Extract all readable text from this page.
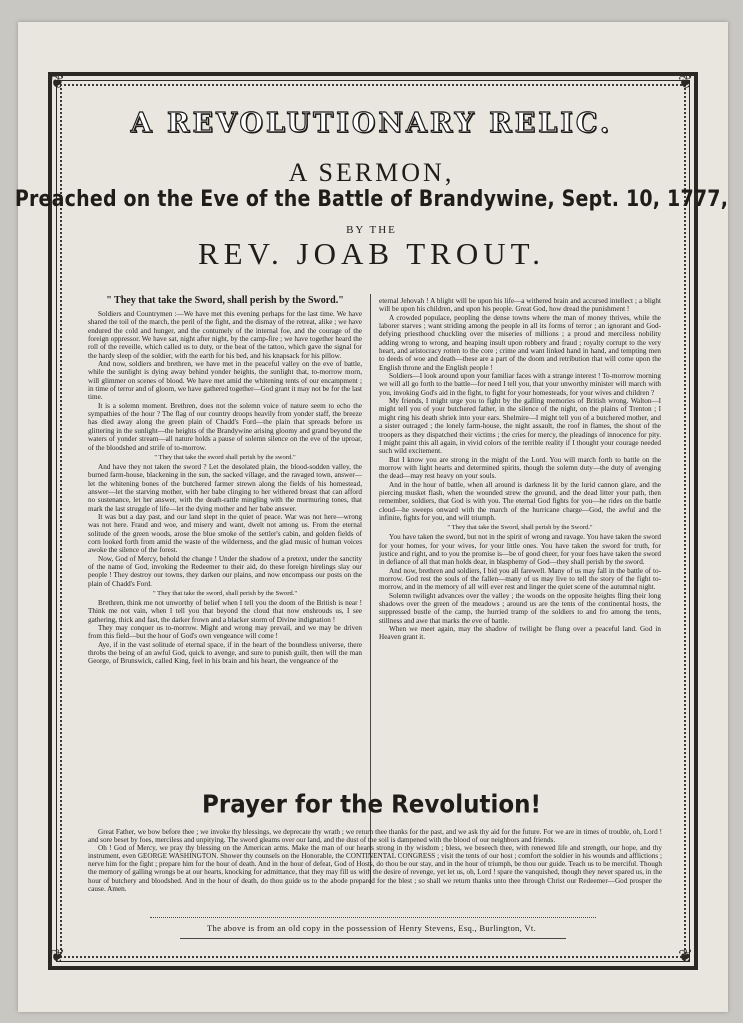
❦	❦
❦	❦
A REVOLUTIONARY RELIC.
A SERMON,
Preached on the Eve of the Battle of Brandywine, Sept. 10, 1777,
BY THE
REV. JOAB TROUT.

" They that take the Sword, shall perish by the Sword."

Soldiers and Countrymen :—We have met this evening perhaps for the last time. We have shared the toil of the march, the peril of the fight, and the dismay of the retreat, alike ; we have endured the cold and hunger, and the contumely of the internal foe, and the courage of the foreign oppressor. We have sat, night after night, by the camp-fire ; we have together heard the roll of the reveille, which called us to duty, or the beat of the tattoo, which gave the signal for the hardy sleep of the soldier, with the earth for his bed, and his knapsack for his pillow.

And now, soldiers and brethren, we have met in the peaceful valley on the eve of battle, while the sunlight is dying away behind yonder heights, the sunlight that, to-morrow morn, will glimmer on scenes of blood. We have met amid the whitening tents of our encampment ; in time of terror and of gloom, we have gathered together—God grant it may not be for the last time.

It is a solemn moment. Brethren, does not the solemn voice of nature seem to echo the sympathies of the hour ? The flag of our country droops heavily from yonder staff, the breeze has died away along the green plain of Chadd's Ford—the plain that spreads before us glittering in the sunlight—the heights of the Brandywine arising gloomy and grand beyond the waters of yonder stream—all nature holds a pause of solemn silence on the eve of the uproar, of the bloodshed and strife of to-morrow.

" They that take the sword shall perish by the sword."

And have they not taken the sword ? Let the desolated plain, the blood-sodden valley, the burned farm-house, blackening in the sun, the sacked village, and the ravaged town, answer—let the whitening bones of the butchered farmer strewn along the fields of his homestead, answer—let the starving mother, with her babe clinging to her withered breast that can afford no sustenance, let her answer, with the death-rattle mingling with the murmuring tones, that mark the last struggle of life—let the dying mother and her babe answer.

It was but a day past, and our land slept in the quiet of peace. War was not here—wrong was not here. Fraud and woe, and misery and want, dwelt not among us. From the eternal solitude of the green woods, arose the blue smoke of the settler's cabin, and golden fields of corn looked forth from amid the waste of the wilderness, and the glad music of human voices awoke the silence of the forest.

Now, God of Mercy, behold the change ! Under the shadow of a pretext, under the sanctity of the name of God, invoking the Redeemer to their aid, do these foreign hirelings slay our people ! They destroy our towns, they darken our plains, and now encompass our posts on the plain of Chadd's Ford.

" They that take the sword, shall perish by the Sword."

Brethren, think me not unworthy of belief when I tell you the doom of the British is near ! Think me not vain, when I tell you that beyond the cloud that now enshrouds us, I see gathering, thick and fast, the darker frown and a blacker storm of Divine indignation !

They may conquer us to-morrow. Might and wrong may prevail, and we may be driven from this field—but the hour of God's own vengeance will come !

Aye, if in the vast solitude of eternal space, if in the heart of the boundless universe, there throbs the being of an awful God, quick to avenge, and sure to punish guilt, then will the man George, of Brunswick, called King, feel in his brain and his heart, the vengeance of the

eternal Jehovah ! A blight will be upon his life—a withered brain and accursed intellect ; a blight will be upon his children, and upon his people. Great God, how dread the punishment !

A crowded populace, peopling the dense towns where the man of money thrives, while the laborer starves ; want striding among the people in all its forms of terror ; an ignorant and God-defying priesthood chuckling over the miseries of millions ; a proud and merciless nobility adding wrong to wrong, and heaping insult upon robbery and fraud ; royalty corrupt to the very heart, and aristocracy rotten to the core ; crime and want linked hand in hand, and tempting men to deeds of woe and death—these are a part of the doom and retribution that will come upon the English throne and the English people !

Soldiers—I look around upon your familiar faces with a strange interest ! To-morrow morning we will all go forth to the battle—for need I tell you, that your unworthy minister will march with you, invoking God's aid in the fight, to fight for your homesteads, for your wives and children ?

My friends, I might urge you to fight by the galling memories of British wrong. Walton—I might tell you of your butchered father, in the silence of the night, on the plains of Trenton ; I might ring his death shriek into your ears. Shelmire—I might tell you of a butchered mother, and a sister outraged ; the lonely farm-house, the night assault, the roof in flames, the shout of the troopers as they dispatched their victims ; the cries for mercy, the pleadings of innocence for pity. I might paint this all again, in vivid colors of the terrible reality if I thought your courage needed such wild excitement.

But I know you are strong in the might of the Lord. You will march forth to battle on the morrow with light hearts and determined spirits, though the solemn duty—the duty of avenging the dead—may rest heavy on your souls.

And in the hour of battle, when all around is darkness lit by the lurid cannon glare, and the piercing musket flash, when the wounded strew the ground, and the dead litter your path, then remember, soldiers, that God is with you. The eternal God fights for you—he rides on the battle cloud—he sweeps onward with the march of the hurricane charge—God, the awful and the infinite, fights for you, and will triumph.

" They that take the Sword, shall perish by the Sword."

You have taken the sword, but not in the spirit of wrong and ravage. You have taken the sword for your homes, for your wives, for your little ones. You have taken the sword for truth, for justice and right, and to you the promise is—be of good cheer, for your foes have taken the sword in defiance of all that man holds dear, in blasphemy of God—they shall perish by the sword.

And now, brethren and soldiers, I bid you all farewell. Many of us may fall in the battle of to-morrow. God rest the souls of the fallen—many of us may live to tell the story of the fight to-morrow, and in the memory of all will ever rest and linger the quiet scene of the autumnal night.

Solemn twilight advances over the valley ; the woods on the opposite heights fling their long shadows over the green of the meadows ; around us are the tents of the continental hosts, the suppressed bustle of the camp, the hurried tramp of the soldiers to and fro among the tents, stillness and awe that marks the eve of battle.

When we meet again, may the shadow of twilight be flung over a peaceful land. God in Heaven grant it.

Prayer for the Revolution!

Great Father, we bow before thee ; we invoke thy blessings, we deprecate thy wrath ; we return thee thanks for the past, and we ask thy aid for the future. For we are in times of trouble, oh, Lord ! and sore beset by foes, merciless and unpitying. The sword gleams over our land, and the dust of the soil is dampened with the blood of our neighbors and friends.

Oh ! God of Mercy, we pray thy blessing on the American arms. Make the man of our hearts strong in thy wisdom ; bless, we beseech thee, with renewed life and strength, our hope, and thy instrument, even GEORGE WASHINGTON. Shower thy counsels on the Honorable, the CONTINENTAL CONGRESS ; visit the tents of our host ; comfort the soldier in his wounds and afflictions ; nerve him for the fight ; prepare him for the hour of death. And in the hour of defeat, God of Hosts, do thou be our stay, and in the hour of triumph, be thou our guide. Teach us to be merciful. Though the memory of galling wrongs be at our hearts, knocking for admittance, that they may fill us with the desire of revenge, yet let us, oh, Lord ! spare the vanquished, though they never spared us, in the hour of butchery and bloodshed. And in the hour of death, do thou guide us to the abode prepared for the blest ; so shall we return thanks unto thee through Christ our Redeemer—God prosper the cause. Amen.

The above is from an old copy in the possession of Henry Stevens, Esq., Burlington, Vt.
